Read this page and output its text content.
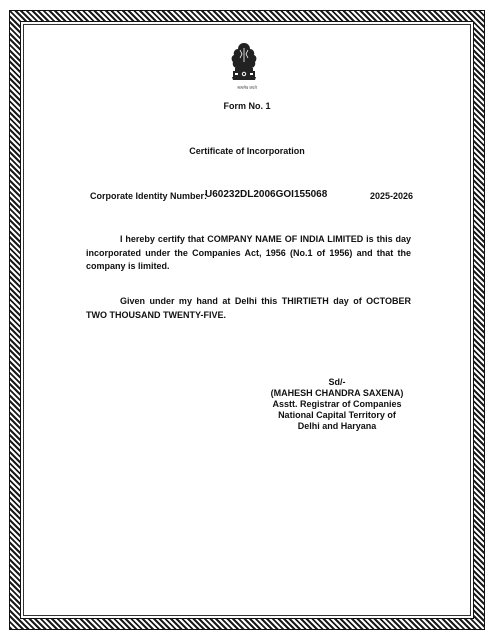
सत्यमेव जयते
Form No. 1
Certificate of Incorporation
Corporate Identity Number:
U60232DL2006GOI155068	2025-2026
I hereby certify that COMPANY NAME OF INDIA LIMITED is this day incorporated under the Companies Act, 1956 (No.1 of 1956) and that the company is limited.
Given under my hand at Delhi this THIRTIETH day of OCTOBER TWO THOUSAND TWENTY-FIVE.
Sd/-
(MAHESH CHANDRA SAXENA)
Asstt. Registrar of Companies
National Capital Territory of
Delhi and Haryana
